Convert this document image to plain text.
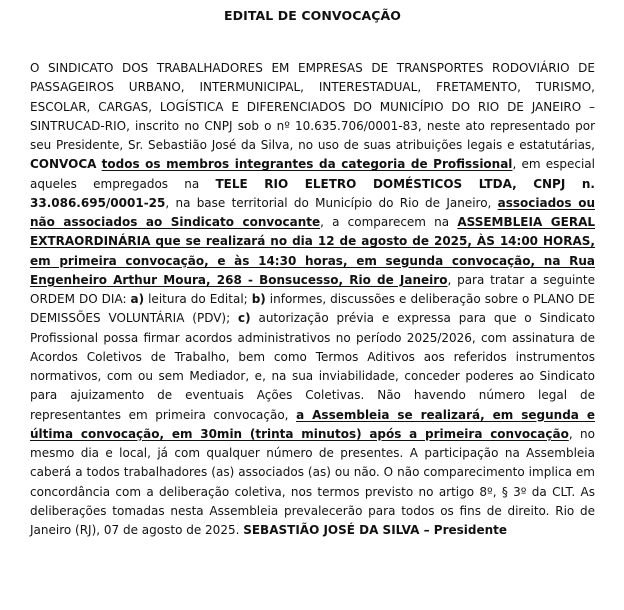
EDITAL DE CONVOCAÇÃO

O SINDICATO DOS TRABALHADORES EM EMPRESAS DE TRANSPORTES RODOVIÁRIO DE PASSAGEIROS URBANO, INTERMUNICIPAL, INTERESTADUAL, FRETAMENTO, TURISMO, ESCOLAR, CARGAS, LOGÍSTICA E DIFERENCIADOS DO MUNICÍPIO DO RIO DE JANEIRO – SINTRUCAD-RIO, inscrito no CNPJ sob o nº 10.635.706/0001-83, neste ato representado por seu Presidente, Sr. Sebastião José da Silva, no uso de suas atribuições legais e estatutárias, CONVOCA todos os membros integrantes da categoria de Profissional, em especial aqueles empregados na TELE RIO ELETRO DOMÉSTICOS LTDA, CNPJ n. 33.086.695/0001-25, na base territorial do Município do Rio de Janeiro, associados ou não associados ao Sindicato convocante, a comparecem na ASSEMBLEIA GERAL EXTRAORDINÁRIA que se realizará no dia 12 de agosto de 2025, ÀS 14:00 HORAS, em primeira convocação, e às 14:30 horas, em segunda convocação, na Rua Engenheiro Arthur Moura, 268 - Bonsucesso, Rio de Janeiro, para tratar a seguinte ORDEM DO DIA: a) leitura do Edital; b) informes, discussões e deliberação sobre o PLANO DE DEMISSÕES VOLUNTÁRIA (PDV); c) autorização prévia e expressa para que o Sindicato Profissional possa firmar acordos administrativos no período 2025/2026, com assinatura de Acordos Coletivos de Trabalho, bem como Termos Aditivos aos referidos instrumentos normativos, com ou sem Mediador, e, na sua inviabilidade, conceder poderes ao Sindicato para ajuizamento de eventuais Ações Coletivas. Não havendo número legal de representantes em primeira convocação, a Assembleia se realizará, em segunda e última convocação, em 30min (trinta minutos) após a primeira convocação, no mesmo dia e local, já com qualquer número de presentes. A participação na Assembleia caberá a todos trabalhadores (as) associados (as) ou não. O não comparecimento implica em concordância com a deliberação coletiva, nos termos previsto no artigo 8º, § 3º da CLT. As deliberações tomadas nesta Assembleia prevalecerão para todos os fins de direito. Rio de Janeiro (RJ), 07 de agosto de 2025. SEBASTIÃO JOSÉ DA SILVA – Presidente
